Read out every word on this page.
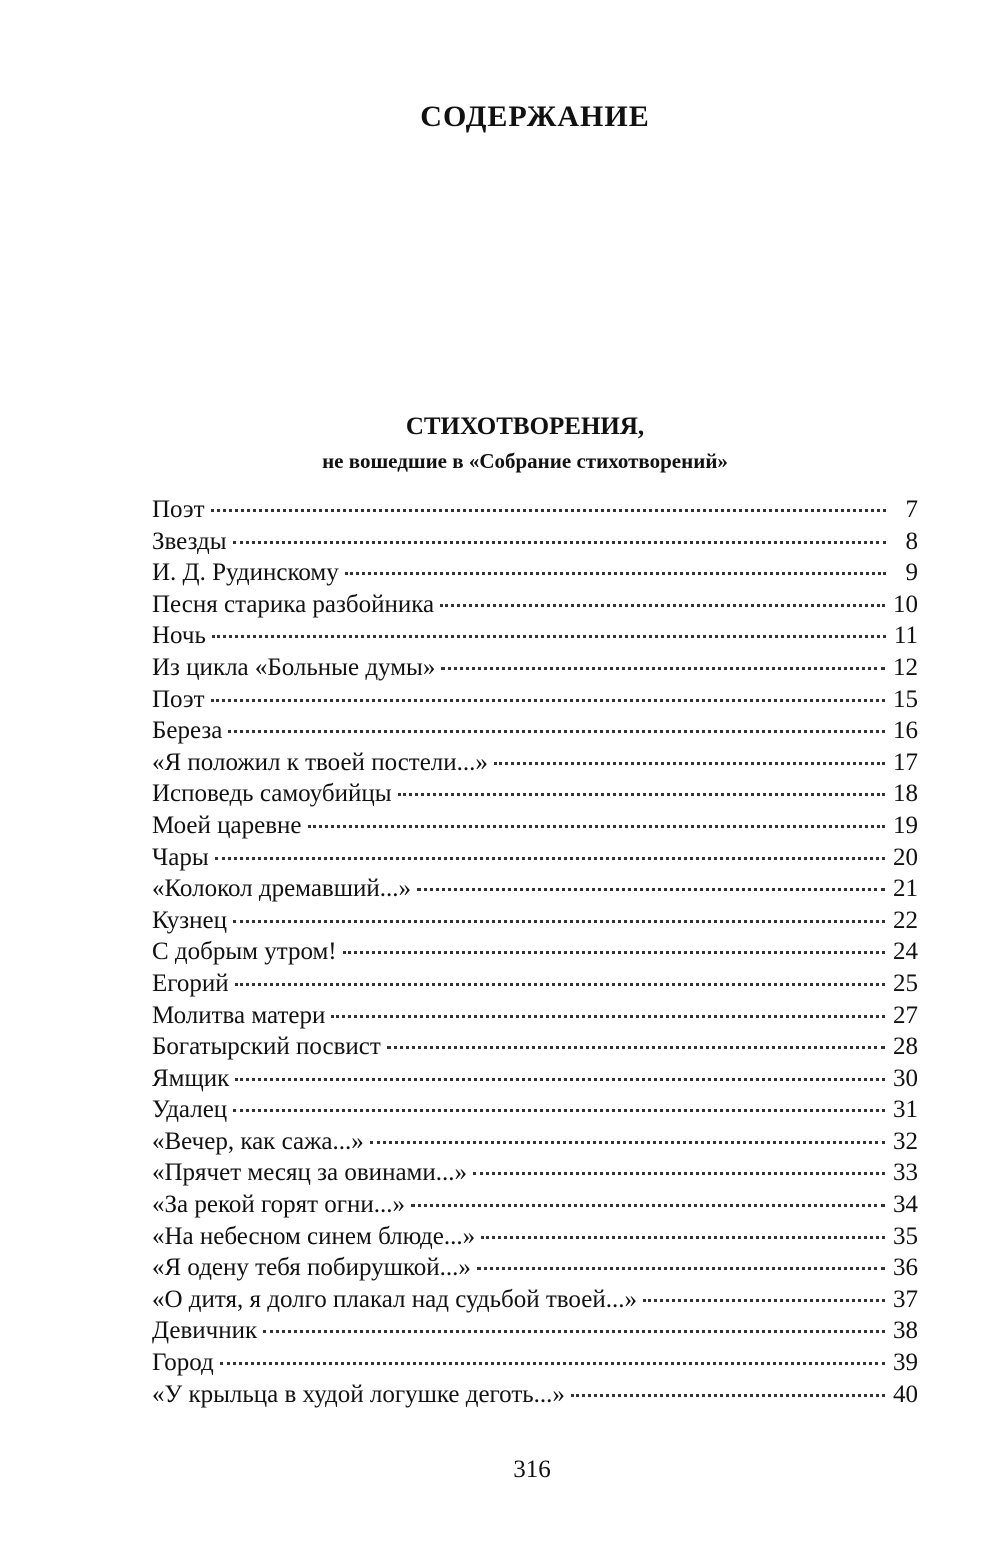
СОДЕРЖАНИЕ
СТИХОТВОРЕНИЯ,
не вошедшие в «Собрание стихотворений»
Поэт	7
Звезды	8
И. Д. Рудинскому	9
Песня старика разбойника	10
Ночь	11
Из цикла «Больные думы»	12
Поэт	15
Береза	16
«Я положил к твоей постели...»	17
Исповедь самоубийцы	18
Моей царевне	19
Чары	20
«Колокол дремавший...»	21
Кузнец	22
С добрым утром!	24
Егорий	25
Молитва матери	27
Богатырский посвист	28
Ямщик	30
Удалец	31
«Вечер, как сажа...»	32
«Прячет месяц за овинами...»	33
«За рекой горят огни...»	34
«На небесном синем блюде...»	35
«Я одену тебя побирушкой...»	36
«О дитя, я долго плакал над судьбой твоей...»	37
Девичник	38
Город	39
«У крыльца в худой логушке деготь...»	40
316
